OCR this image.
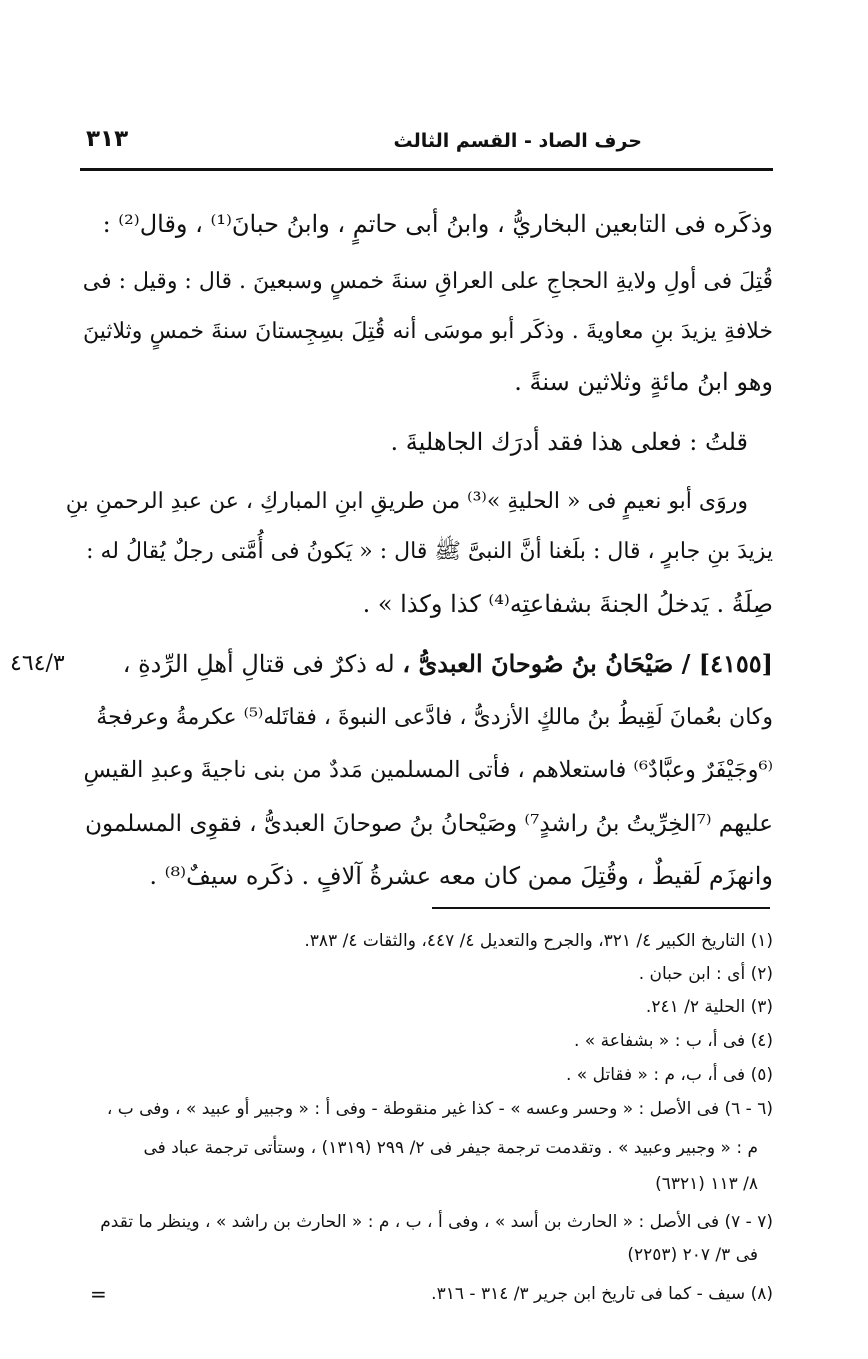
حرف الصاد - القسم الثالث
٣١٣
وذكَره فى التابعين البخاريُّ ، وابنُ أبى حاتمٍ ، وابنُ حبانَ⁽¹⁾ ، وقال⁽²⁾ :
قُتِلَ فى أولِ ولايةِ الحجاجِ على العراقِ سنةَ خمسٍ وسبعينَ . قال : وقيل : فى
خلافةِ يزيدَ بنِ معاويةَ . وذكَر أبو موسَى أنه قُتِلَ بسِجِستانَ سنةَ خمسٍ وثلاثينَ
وهو ابنُ مائةٍ وثلاثين سنةً .
قلتُ : فعلى هذا فقد أدرَك الجاهليةَ .
وروَى أبو نعيمٍ فى « الحليةِ »⁽³⁾ من طريقِ ابنِ المباركِ ، عن عبدِ الرحمنِ بنِ
يزيدَ بنِ جابرٍ ، قال : بلَغنا أنَّ النبىَّ ﷺ قال : « يَكونُ فى أُمَّتى رجلٌ يُقالُ له :
صِلَةُ . يَدخلُ الجنةَ بشفاعتِه⁽⁴⁾ كذا وكذا » .
[٤١٥٥] / صَيْحَانُ بنُ صُوحانَ العبدىُّ ، له ذكرٌ فى قتالِ أهلِ الرِّدةِ ،
٤٦٤/٣
وكان بعُمانَ لَقِيطُ بنُ مالكٍ الأزدىُّ ، فادَّعى النبوةَ ، فقاتَله⁽⁵⁾ عكرمةُ وعرفجةُ
⁽⁶وجَيْفَرٌ وعبَّادٌ⁶⁾ فاستعلاهم ، فأتى المسلمين مَددٌ من بنى ناجيةَ وعبدِ القيسِ
عليهم ⁽⁷الخِرِّيتُ بنُ راشدٍ⁷⁾ وصَيْحانُ بنُ صوحانَ العبدىُّ ، فقوِى المسلمون
وانهزَم لَقيطٌ ، وقُتِلَ ممن كان معه عشرةُ آلافٍ . ذكَره سيفٌ⁽⁸⁾ .
(١) التاريخ الكبير ٤/ ٣٢١، والجرح والتعديل ٤/ ٤٤٧، والثقات ٤/ ٣٨٣.
(٢) أى : ابن حبان .
(٣) الحلية ٢/ ٢٤١.
(٤) فى أ، ب : « بشفاعة » .
(٥) فى أ، ب، م : « فقاتل » .
(٦ - ٦) فى الأصل : « وحسر وعسه » - كذا غير منقوطة - وفى أ : « وجبير أو عبيد » ، وفى ب ،
م : « وجبير وعبيد » . وتقدمت ترجمة جيفر فى ٢/ ٢٩٩ (١٣١٩) ، وستأتى ترجمة عباد فى
٨/ ١١٣ (٦٣٢١)
(٧ - ٧) فى الأصل : « الحارث بن أسد » ، وفى أ ، ب ، م : « الحارث بن راشد » ، وينظر ما تقدم
فى ٣/ ٢٠٧ (٢٢٥٣)
(٨) سيف - كما فى تاريخ ابن جرير ٣/ ٣١٤ - ٣١٦.
=
